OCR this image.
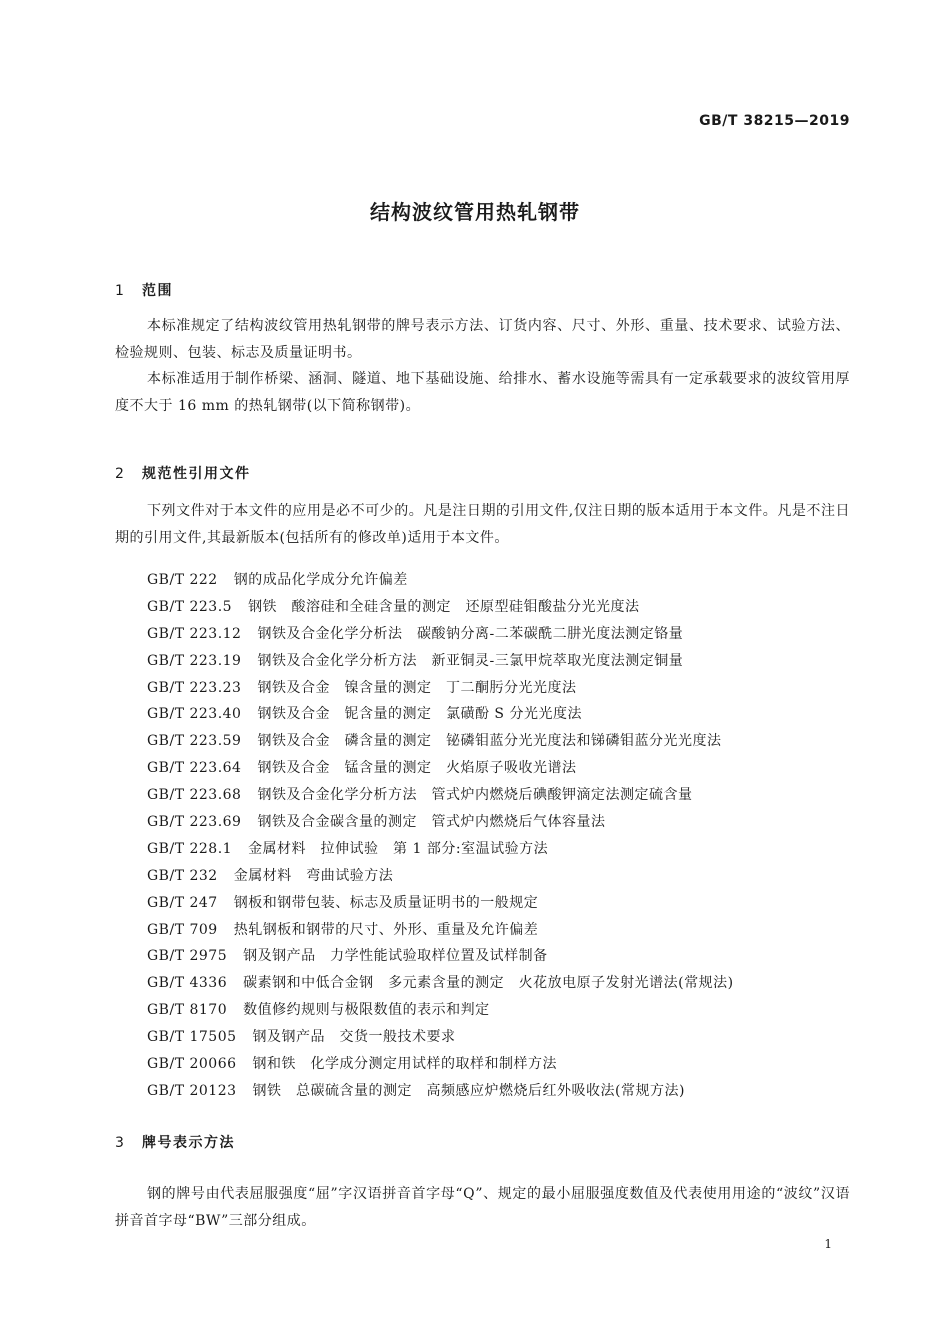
GB/T 38215—2019
结构波纹管用热轧钢带
1 范围

本标准规定了结构波纹管用热轧钢带的牌号表示方法、订货内容、尺寸、外形、重量、技术要求、试验方法、检验规则、包装、标志及质量证明书。

本标准适用于制作桥梁、涵洞、隧道、地下基础设施、给排水、蓄水设施等需具有一定承载要求的波纹管用厚度不大于 16 mm 的热轧钢带(以下简称钢带)。

2 规范性引用文件

下列文件对于本文件的应用是必不可少的。凡是注日期的引用文件,仅注日期的版本适用于本文件。凡是不注日期的引用文件,其最新版本(包括所有的修改单)适用于本文件。

GB/T 222 钢的成品化学成分允许偏差
GB/T 223.5 钢铁　酸溶硅和全硅含量的测定　还原型硅钼酸盐分光光度法
GB/T 223.12 钢铁及合金化学分析法　碳酸钠分离-二苯碳酰二肼光度法测定铬量
GB/T 223.19 钢铁及合金化学分析方法　新亚铜灵-三氯甲烷萃取光度法测定铜量
GB/T 223.23 钢铁及合金　镍含量的测定　丁二酮肟分光光度法
GB/T 223.40 钢铁及合金　铌含量的测定　氯磺酚 S 分光光度法
GB/T 223.59 钢铁及合金　磷含量的测定　铋磷钼蓝分光光度法和锑磷钼蓝分光光度法
GB/T 223.64 钢铁及合金　锰含量的测定　火焰原子吸收光谱法
GB/T 223.68 钢铁及合金化学分析方法　管式炉内燃烧后碘酸钾滴定法测定硫含量
GB/T 223.69 钢铁及合金碳含量的测定　管式炉内燃烧后气体容量法
GB/T 228.1 金属材料　拉伸试验　第 1 部分:室温试验方法
GB/T 232 金属材料　弯曲试验方法
GB/T 247 钢板和钢带包装、标志及质量证明书的一般规定
GB/T 709 热轧钢板和钢带的尺寸、外形、重量及允许偏差
GB/T 2975 钢及钢产品　力学性能试验取样位置及试样制备
GB/T 4336 碳素钢和中低合金钢　多元素含量的测定　火花放电原子发射光谱法(常规法)
GB/T 8170 数值修约规则与极限数值的表示和判定
GB/T 17505 钢及钢产品　交货一般技术要求
GB/T 20066 钢和铁　化学成分测定用试样的取样和制样方法
GB/T 20123 钢铁　总碳硫含量的测定　高频感应炉燃烧后红外吸收法(常规方法)
3 牌号表示方法

钢的牌号由代表屈服强度“屈”字汉语拼音首字母“Q”、规定的最小屈服强度数值及代表使用用途的“波纹”汉语拼音首字母“BW”三部分组成。

1
